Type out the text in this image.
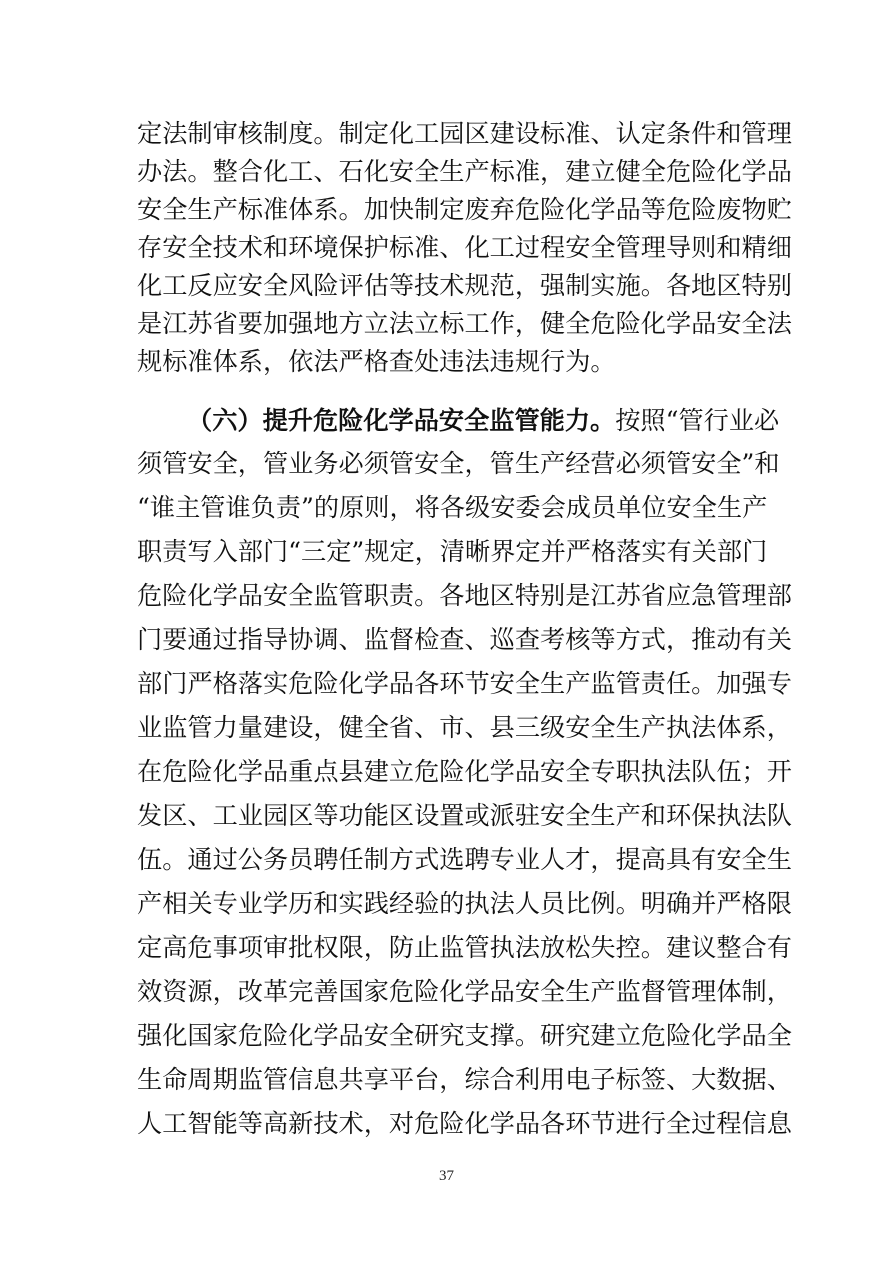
定法制审核制度。制定化工园区建设标准、认定条件和管理
办法。整合化工、石化安全生产标准，建立健全危险化学品
安全生产标准体系。加快制定废弃危险化学品等危险废物贮
存安全技术和环境保护标准、化工过程安全管理导则和精细
化工反应安全风险评估等技术规范，强制实施。各地区特别
是江苏省要加强地方立法立标工作，健全危险化学品安全法
规标准体系，依法严格查处违法违规行为。
（六）提升危险化学品安全监管能力。按照“管行业必
须管安全，管业务必须管安全，管生产经营必须管安全”和
“谁主管谁负责”的原则，将各级安委会成员单位安全生产
职责写入部门“三定”规定，清晰界定并严格落实有关部门
危险化学品安全监管职责。各地区特别是江苏省应急管理部
门要通过指导协调、监督检查、巡查考核等方式，推动有关
部门严格落实危险化学品各环节安全生产监管责任。加强专
业监管力量建设，健全省、市、县三级安全生产执法体系，
在危险化学品重点县建立危险化学品安全专职执法队伍；开
发区、工业园区等功能区设置或派驻安全生产和环保执法队
伍。通过公务员聘任制方式选聘专业人才，提高具有安全生
产相关专业学历和实践经验的执法人员比例。明确并严格限
定高危事项审批权限，防止监管执法放松失控。建议整合有
效资源，改革完善国家危险化学品安全生产监督管理体制，
强化国家危险化学品安全研究支撑。研究建立危险化学品全
生命周期监管信息共享平台，综合利用电子标签、大数据、
人工智能等高新技术，对危险化学品各环节进行全过程信息
37
